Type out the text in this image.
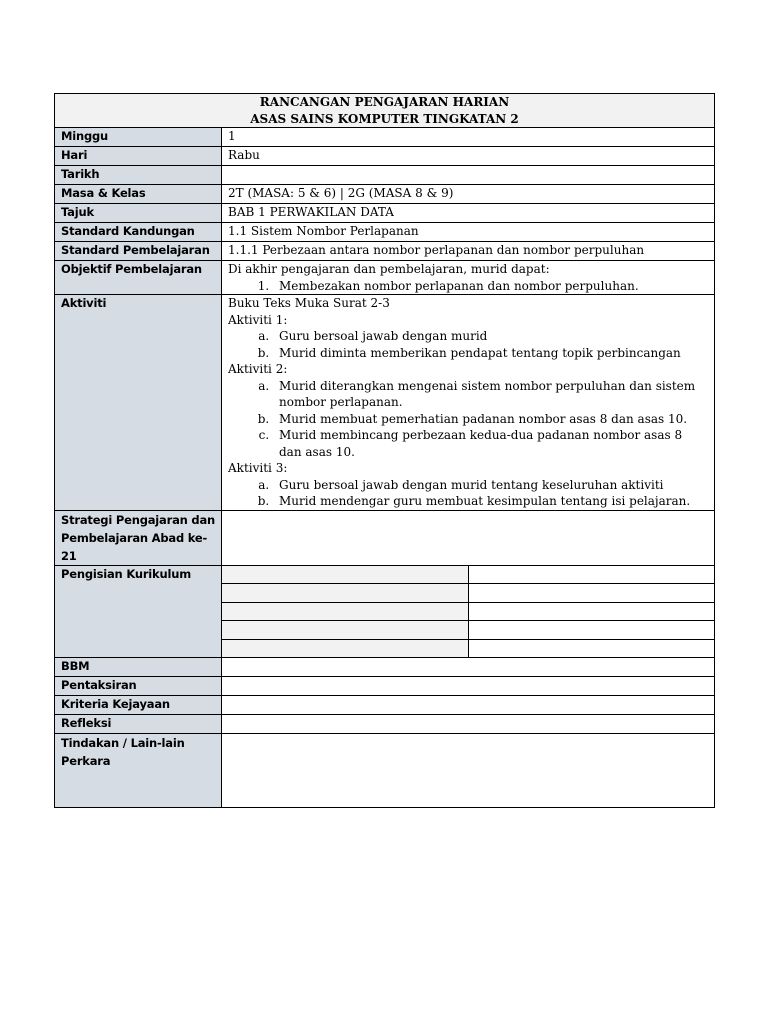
RANCANGAN PENGAJARAN HARIAN
ASAS SAINS KOMPUTER TINGKATAN 2

Minggu	1
Hari	Rabu
Tarikh	
Masa & Kelas	2T (MASA: 5 & 6) | 2G (MASA 8 & 9)
Tajuk	BAB 1 PERWAKILAN DATA
Standard Kandungan	1.1 Sistem Nombor Perlapanan
Standard Pembelajaran	1.1.1 Perbezaan antara nombor perlapanan dan nombor perpuluhan
Objektif Pembelajaran	Di akhir pengajaran dan pembelajaran, murid dapat:
1. Membezakan nombor perlapanan dan nombor perpuluhan.

Aktiviti	Buku Teks Muka Surat 2-3
Aktiviti 1:
a. Guru bersoal jawab dengan murid
b. Murid diminta memberikan pendapat tentang topik perbincangan
Aktiviti 2:
a. Murid diterangkan mengenai sistem nombor perpuluhan dan sistem nombor perlapanan.
b. Murid membuat pemerhatian padanan nombor asas 8 dan asas 10.
c. Murid membincang perbezaan kedua-dua padanan nombor asas 8 dan asas 10.
Aktiviti 3:
a. Guru bersoal jawab dengan murid tentang keseluruhan aktiviti
b. Murid mendengar guru membuat kesimpulan tentang isi pelajaran.

Strategi Pengajaran dan Pembelajaran Abad ke-21	
Pengisian Kurikulum	

BBM	
Pentaksiran	
Kriteria Kejayaan	
Refleksi	
Tindakan / Lain-lain Perkara	
